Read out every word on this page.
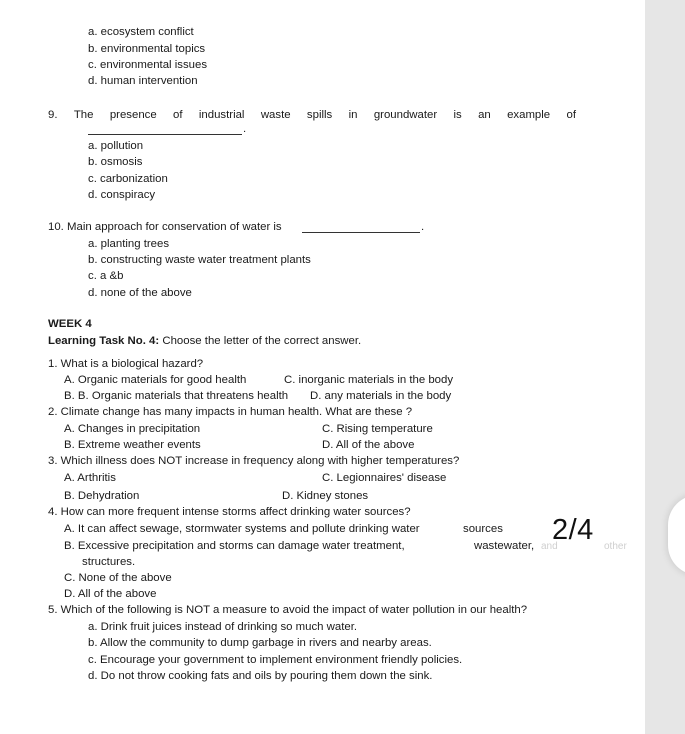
a. ecosystem conflict
b. environmental topics
c. environmental issues
d. human intervention
9. The presence of industrial waste spills in groundwater is an example of
.
a. pollution
b. osmosis
c. carbonization
d. conspiracy
10. Main approach for conservation of water is	.
a. planting trees
b. constructing waste water treatment plants
c. a &b
d. none of the above
WEEK 4
Learning Task No. 4: Choose the letter of the correct answer.
1. What is a biological hazard?
A. Organic materials for good health	C. inorganic materials in the body
B. B. Organic materials that threatens health D. any materials in the body
2. Climate change has many impacts in human health. What are these ?
A. Changes in precipitation	C. Rising temperature
B. Extreme weather events	D. All of the above
3. Which illness does NOT increase in frequency along with higher temperatures?
A. Arthritis	C. Legionnaires' disease
B. Dehydration	D. Kidney stones
4. How can more frequent intense storms affect drinking water sources?
A. It can affect sewage, stormwater systems and pollute drinking water	sources
B. Excessive precipitation and storms can damage water treatment,	wastewater, and	other
structures.
C. None of the above
D. All of the above
5. Which of the following is NOT a measure to avoid the impact of water pollution in our health?
a. Drink fruit juices instead of drinking so much water.
b. Allow the community to dump garbage in rivers and nearby areas.
c. Encourage your government to implement environment friendly policies.
d. Do not throw cooking fats and oils by pouring them down the sink.
2/4
